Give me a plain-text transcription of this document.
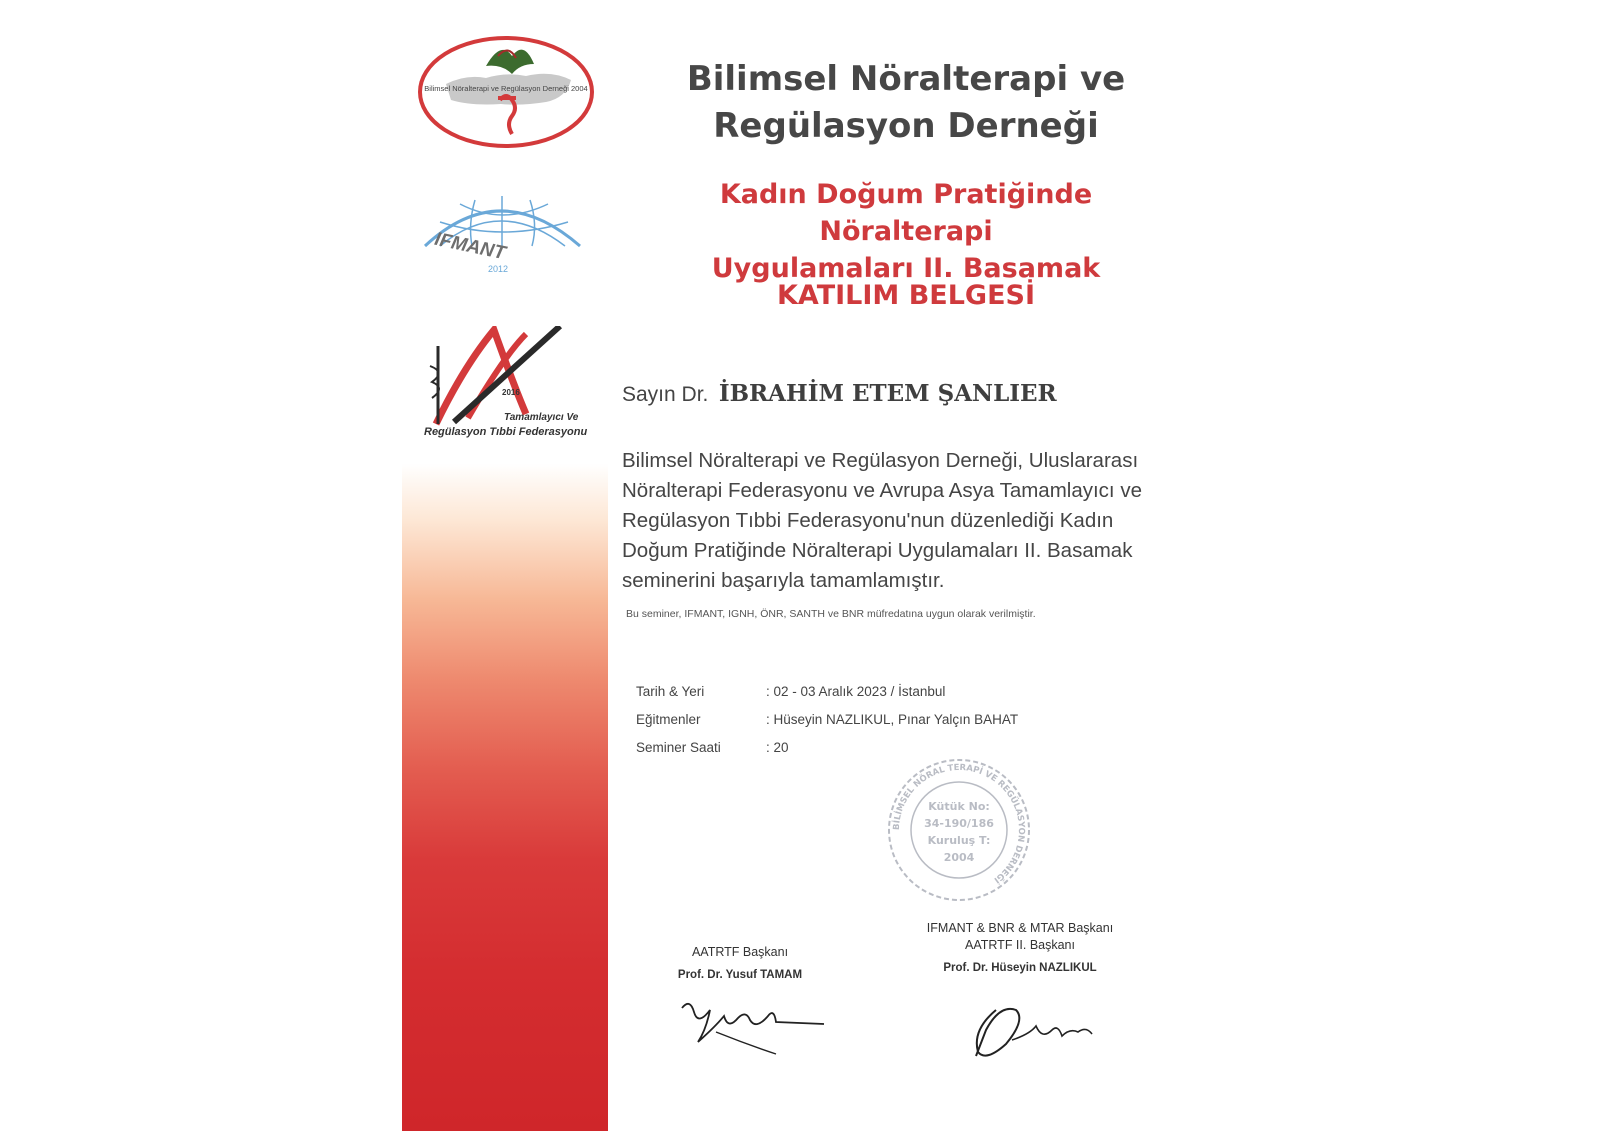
Bilimsel Nöralterapi ve Regülasyon Derneği 2004
IFMANT
2012
2016
Tamamlayıcı Ve
Regülasyon Tıbbi Federasyonu
Bilimsel Nöralterapi ve
Regülasyon Derneği
Kadın Doğum Pratiğinde Nöralterapi
Uygulamaları II. Basamak
KATILIM BELGESİ
Sayın Dr. İBRAHİM ETEM ŞANLIER

Bilimsel Nöralterapi ve Regülasyon Derneği, Uluslararası Nöralterapi Federasyonu ve Avrupa Asya Tamamlayıcı ve Regülasyon Tıbbi Federasyonu'nun düzenlediği Kadın Doğum Pratiğinde Nöralterapi Uygulamaları II. Basamak seminerini başarıyla tamamlamıştır.

Bu seminer, IFMANT, IGNH, ÖNR, SANTH ve BNR müfredatına uygun olarak verilmiştir.
Tarih & Yeri	: 02 - 03 Aralık 2023 / İstanbul
Eğitmenler	: Hüseyin NAZLIKUL, Pınar Yalçın BAHAT
Seminer Saati	: 20
BİLİMSEL NÖRAL TERAPİ VE REGÜLASYON DERNEĞİ
Kütük No:
34-190/186
Kuruluş T:
2004
AATRTF Başkanı
Prof. Dr. Yusuf TAMAM
IFMANT & BNR & MTAR Başkanı
AATRTF II. Başkanı
Prof. Dr. Hüseyin NAZLIKUL
